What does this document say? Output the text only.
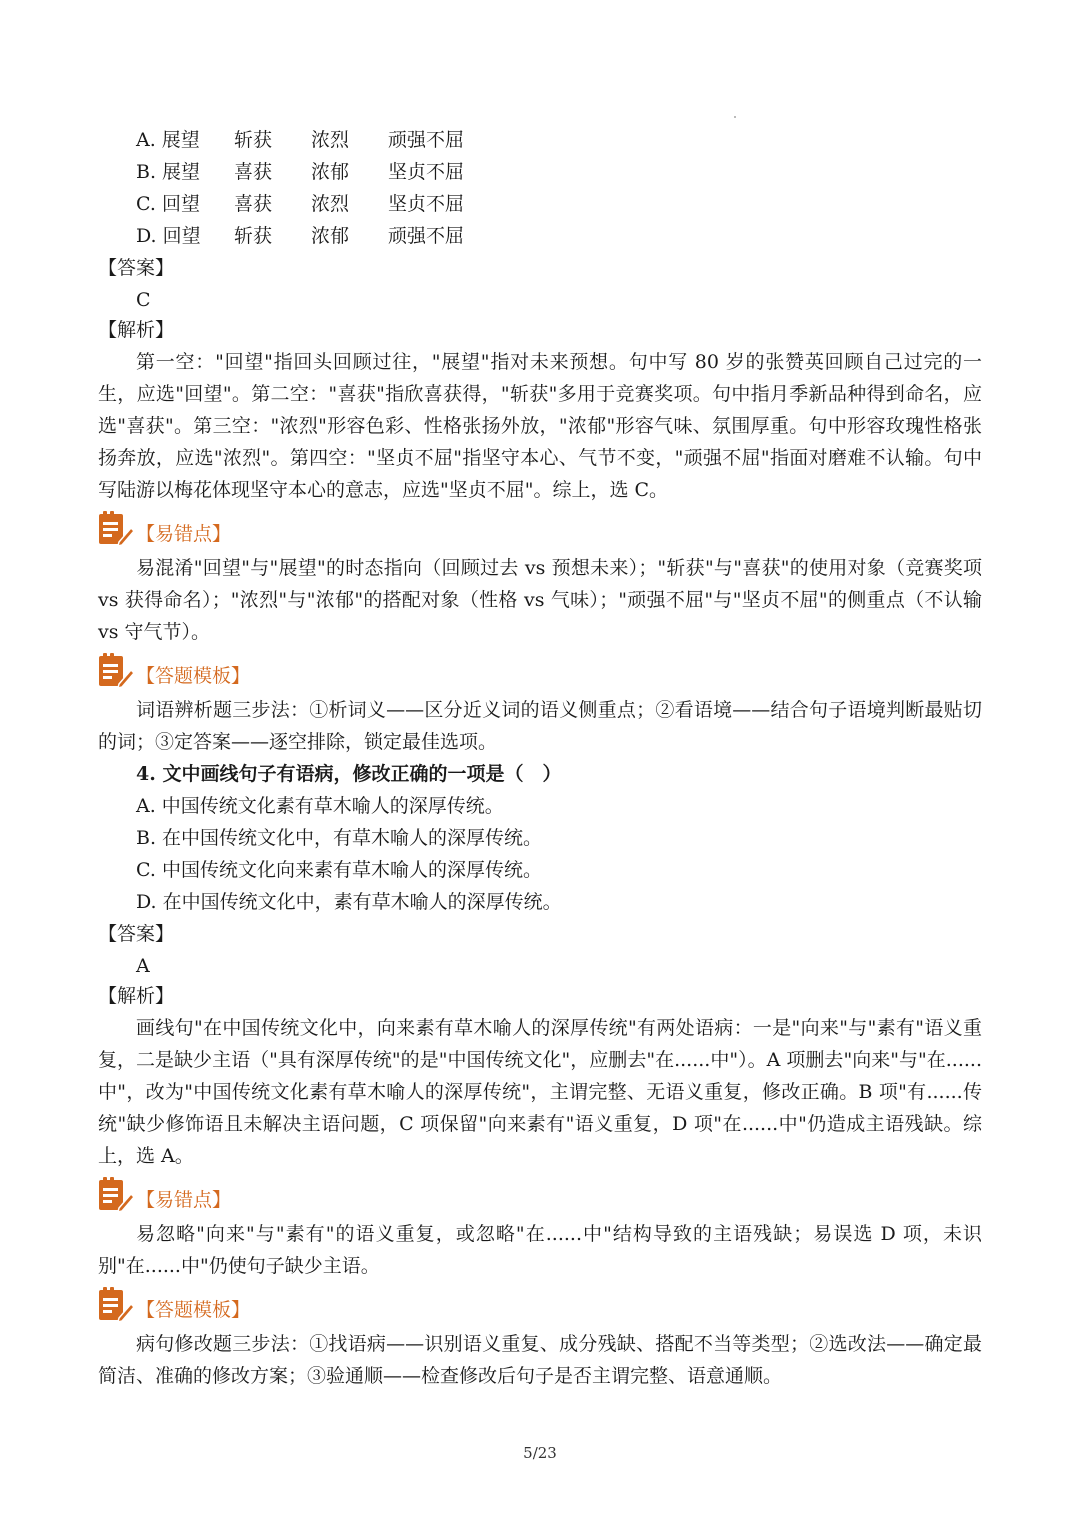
A. 展望 斩获 浓烈 顽强不屈
B. 展望 喜获 浓郁 坚贞不屈
C. 回望 喜获 浓烈 坚贞不屈
D. 回望 斩获 浓郁 顽强不屈
【答案】
C
【解析】
第一空："回望"指回头回顾过往，"展望"指对未来预想。句中写 80 岁的张赞英回顾自己过完的一生，应选"回望"。第二空："喜获"指欣喜获得，"斩获"多用于竞赛奖项。句中指月季新品种得到命名，应选"喜获"。第三空："浓烈"形容色彩、性格张扬外放，"浓郁"形容气味、氛围厚重。句中形容玫瑰性格张扬奔放，应选"浓烈"。第四空："坚贞不屈"指坚守本心、气节不变，"顽强不屈"指面对磨难不认输。句中写陆游以梅花体现坚守本心的意志，应选"坚贞不屈"。综上，选 C。
【易错点】
易混淆"回望"与"展望"的时态指向（回顾过去 vs 预想未来）；"斩获"与"喜获"的使用对象（竞赛奖项 vs 获得命名）；"浓烈"与"浓郁"的搭配对象（性格 vs 气味）；"顽强不屈"与"坚贞不屈"的侧重点（不认输 vs 守气节）。
【答题模板】
词语辨析题三步法：①析词义——区分近义词的语义侧重点；②看语境——结合句子语境判断最贴切的词；③定答案——逐空排除，锁定最佳选项。
4. 文中画线句子有语病，修改正确的一项是（　）
A. 中国传统文化素有草木喻人的深厚传统。
B. 在中国传统文化中，有草木喻人的深厚传统。
C. 中国传统文化向来素有草木喻人的深厚传统。
D. 在中国传统文化中，素有草木喻人的深厚传统。
【答案】
A
【解析】
画线句"在中国传统文化中，向来素有草木喻人的深厚传统"有两处语病：一是"向来"与"素有"语义重复，二是缺少主语（"具有深厚传统"的是"中国传统文化"，应删去"在......中"）。A 项删去"向来"与"在......中"，改为"中国传统文化素有草木喻人的深厚传统"，主谓完整、无语义重复，修改正确。B 项"有......传统"缺少修饰语且未解决主语问题，C 项保留"向来素有"语义重复，D 项"在......中"仍造成主语残缺。综上，选 A。
【易错点】
易忽略"向来"与"素有"的语义重复，或忽略"在......中"结构导致的主语残缺；易误选 D 项，未识别"在......中"仍使句子缺少主语。
【答题模板】
病句修改题三步法：①找语病——识别语义重复、成分残缺、搭配不当等类型；②选改法——确定最简洁、准确的修改方案；③验通顺——检查修改后句子是否主谓完整、语意通顺。
5/23
